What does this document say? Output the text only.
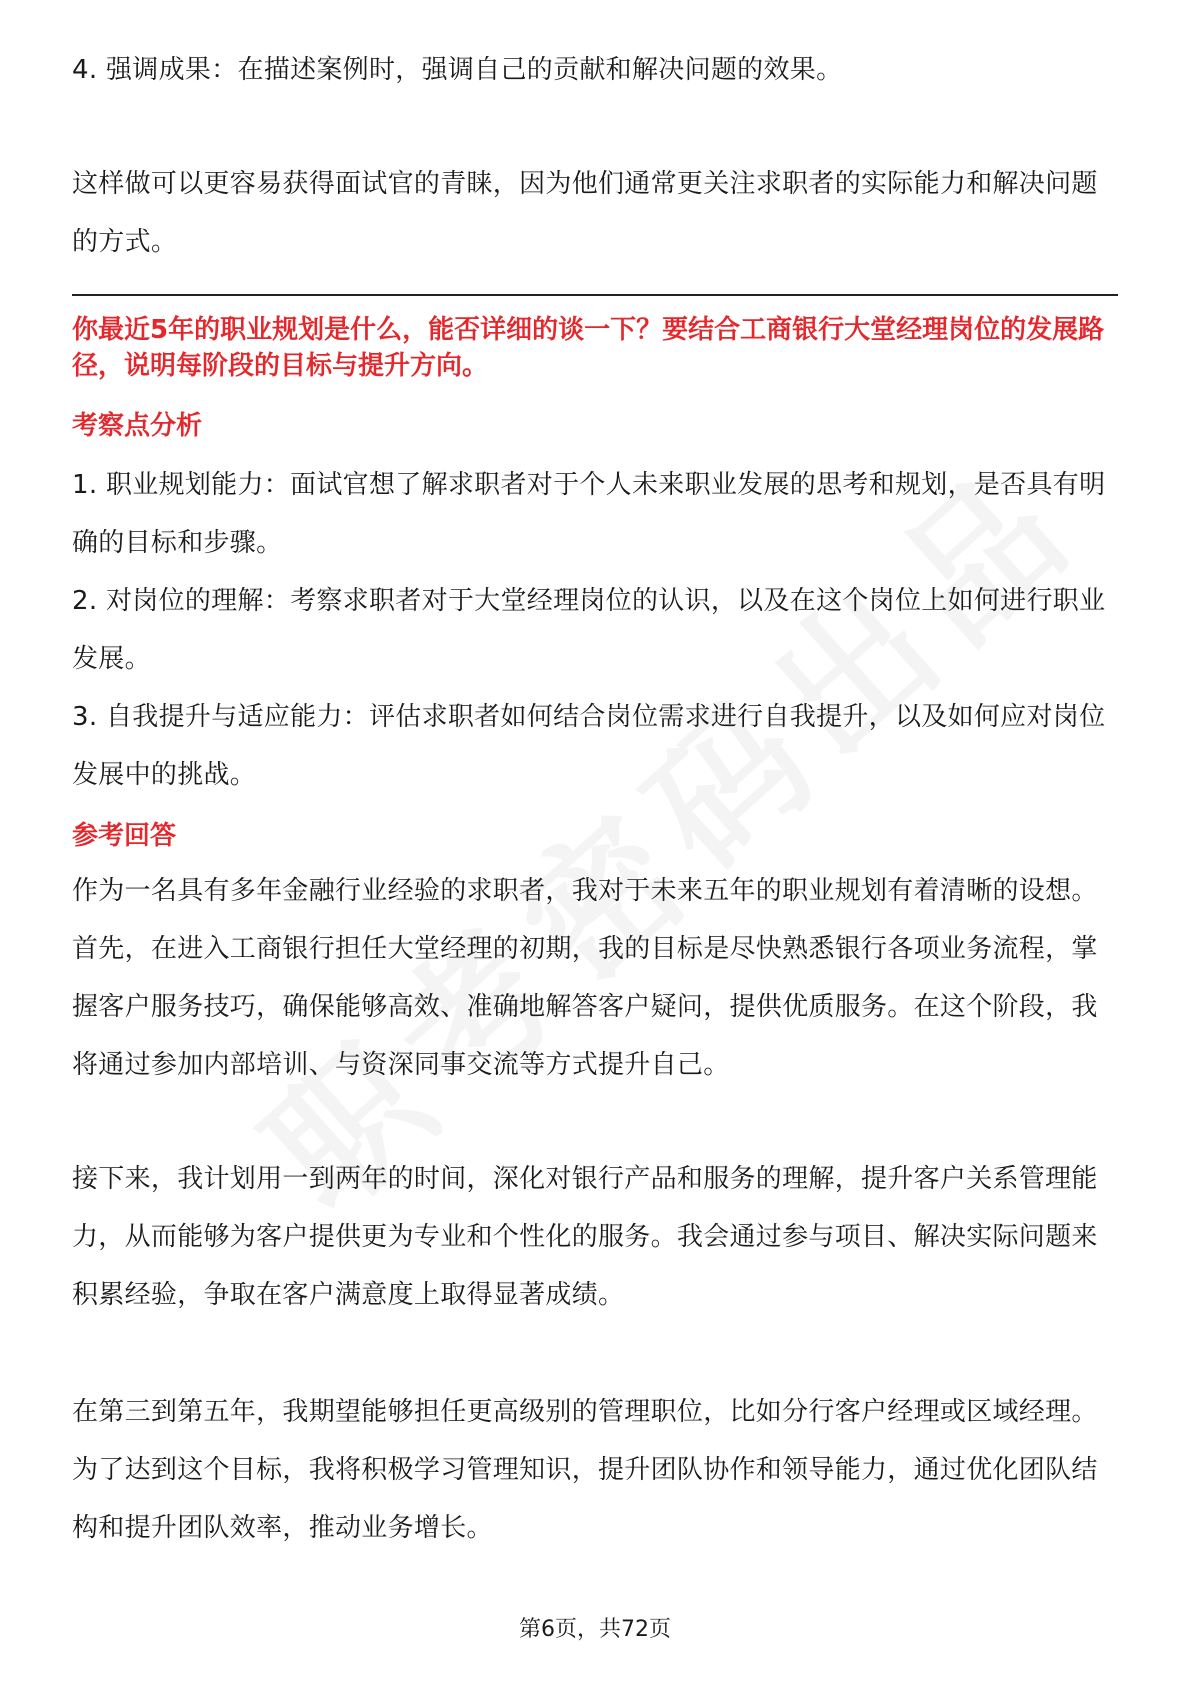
4. 强调成果：在描述案例时，强调自己的贡献和解决问题的效果。

这样做可以更容易获得面试官的青睐，因为他们通常更关注求职者的实际能力和解决问题的方式。

你最近5年的职业规划是什么，能否详细的谈一下？要结合工商银行大堂经理岗位的发展路径，说明每阶段的目标与提升方向。

考察点分析

1. 职业规划能力：面试官想了解求职者对于个人未来职业发展的思考和规划，是否具有明确的目标和步骤。

2. 对岗位的理解：考察求职者对于大堂经理岗位的认识，以及在这个岗位上如何进行职业发展。

3. 自我提升与适应能力：评估求职者如何结合岗位需求进行自我提升，以及如何应对岗位发展中的挑战。

参考回答

作为一名具有多年金融行业经验的求职者，我对于未来五年的职业规划有着清晰的设想。首先，在进入工商银行担任大堂经理的初期，我的目标是尽快熟悉银行各项业务流程，掌握客户服务技巧，确保能够高效、准确地解答客户疑问，提供优质服务。在这个阶段，我将通过参加内部培训、与资深同事交流等方式提升自己。

接下来，我计划用一到两年的时间，深化对银行产品和服务的理解，提升客户关系管理能力，从而能够为客户提供更为专业和个性化的服务。我会通过参与项目、解决实际问题来积累经验，争取在客户满意度上取得显著成绩。

在第三到第五年，我期望能够担任更高级别的管理职位，比如分行客户经理或区域经理。为了达到这个目标，我将积极学习管理知识，提升团队协作和领导能力，通过优化团队结构和提升团队效率，推动业务增长。

第6页，共72页
